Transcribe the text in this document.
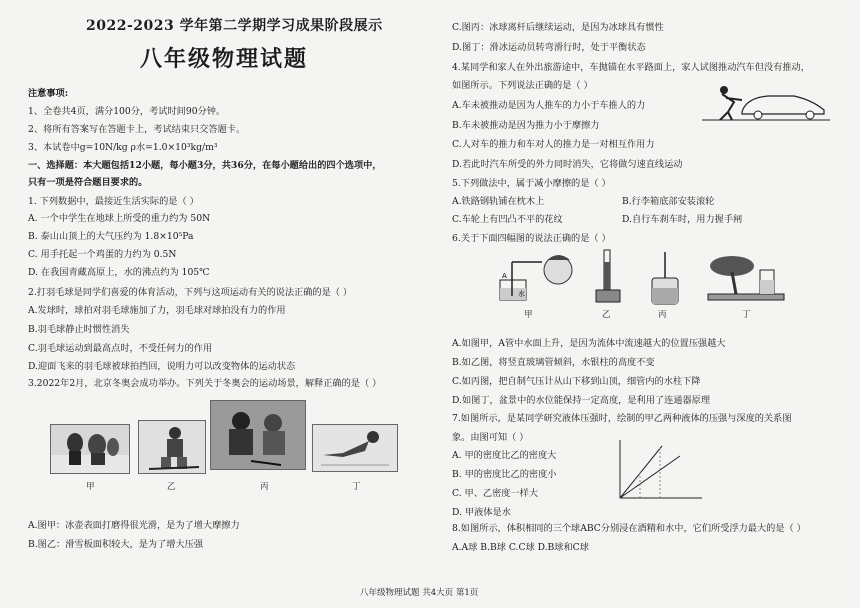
2022-2023 学年第二学期学习成果阶段展示
八年级物理试题
注意事项:
1、全卷共4页，满分100分，考试时间90分钟。
2、将所有答案写在答题卡上，考试结束只交答题卡。
3、本试卷中g=10N/kg ρ水=1.0×10³kg/m³
一、选择题：本大题包括12小题，每小题3分，共36分，在每小题给出的四个选项中，
只有一项是符合题目要求的。
1. 下列数据中，最接近生活实际的是（ ）
A. 一个中学生在地球上所受的重力约为 50N
B. 泰山山顶上的大气压约为 1.8×10⁵Pa
C. 用手托起一个鸡蛋的力约为 0.5N
D. 在我国青藏高原上，水的沸点约为 105℃
2.打羽毛球是同学们喜爱的体育活动，下列与这项运动有关的说法正确的是（ ）
A.发球时，球拍对羽毛球施加了力，羽毛球对球拍没有力的作用
B.羽毛球静止时惯性消失
C.羽毛球运动到最高点时，不受任何力的作用
D.迎面飞来的羽毛球被球拍挡回，说明力可以改变物体的运动状态
3.2022年2月，北京冬奥会成功举办。下列关于冬奥会的运动场景，解释正确的是（ ）
甲	乙	丙	丁
A.图甲：冰壶表面打磨得很光滑，是为了增大摩擦力
B.图乙：滑雪板面积较大，是为了增大压强
C.图丙：冰球离杆后继续运动，是因为冰球具有惯性
D.图丁：滑冰运动员转弯滑行时，处于平衡状态
4.某同学和家人在外出旅游途中，车抛锚在水平路面上，家人试图推动汽车但没有推动，
如图所示。下列说法正确的是（ ）
A.车未被推动是因为人推车的力小于车推人的力
B.车未被推动是因为推力小于摩擦力
C.人对车的推力和车对人的推力是一对相互作用力
D.若此时汽车所受的外力同时消失，它将做匀速直线运动
5.下列做法中，属于减小摩擦的是（ ）
A.铁路钢轨铺在枕木上	B.行李箱底部安装滚轮
C.车轮上有凹凸不平的花纹	D.自行车刹车时，用力握手闸
6.关于下面四幅图的说法正确的是（ ）
A
水
甲	乙	丙	丁
A.如图甲，A管中水面上升，是因为流体中流速越大的位置压强越大
B.如乙图，将竖直玻璃管倾斜，水银柱的高度不变
C.如丙图，把自制气压计从山下移到山顶，细管内的水柱下降
D.如图丁，盆景中的水位能保持一定高度，是利用了连通器原理
7.如图所示，是某同学研究液体压强时，绘制的甲乙两种液体的压强与深度的关系图
象。由图可知（ ）
A. 甲的密度比乙的密度大
B. 甲的密度比乙的密度小
C. 甲、乙密度一样大
D. 甲液体是水
8.如图所示，体积相同的三个球ABC分别浸在酒精和水中，它们所受浮力最大的是（ ）
A.A球 B.B球 C.C球 D.B球和C球
八年级物理试题 共4大页 第1页
